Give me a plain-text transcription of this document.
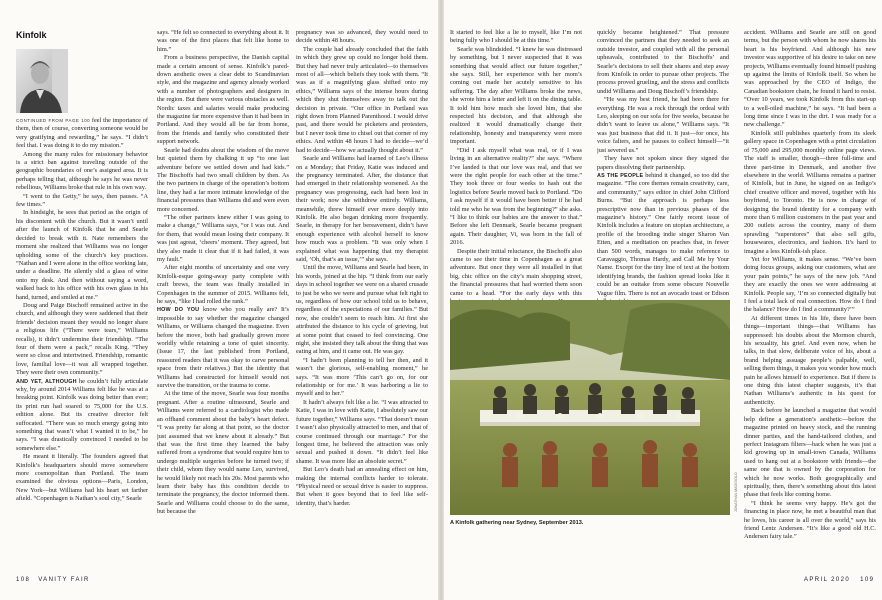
Kinfolk

CONTINUED FROM PAGE 100 feel the importance of them, then of course, converting someone would be very gratifying and rewarding,” he says. “I didn’t feel that. I was doing it to do my mission.”

Among the many rules for missionary behavior is a strict ban against traveling outside of the geographic boundaries of one’s assigned area. It is perhaps telling that, although he says he was never rebellious, Williams broke that rule in his own way.

“I went to the Getty,” he says, then pauses. “A few times.”

In hindsight, he sees that period as the origin of his discontent with the church. But it wasn’t until after the launch of Kinfolk that he and Searle decided to break with it. Nate remembers the moment she realized that Williams was no longer upholding some of the church’s key practices. “Nathan and I were alone in the office working late, under a deadline. He silently slid a glass of wine onto my desk. And then without saying a word, walked back to his office with his own glass in his hand, turned, and smiled at me.”

Doug and Paige Bischoff remained active in the church, and although they were saddened that their friends’ decision meant they would no longer share a religious life (“There were tears,” Williams recalls), it didn’t undermine their friendship. “The four of them were a pack,” recalls King. “They were so close and intertwined. Friendship, romantic love, familial love—it was all wrapped together. They were their own community.”

AND YET, ALTHOUGH he couldn’t fully articulate why, by around 2014 Williams felt like he was at a breaking point. Kinfolk was doing better than ever; its print run had soared to 75,000 for the U.S. edition alone. But its creative director felt suffocated. “There was so much energy going into something that wasn’t what I wanted it to be,” he says. “I was drastically convinced I needed to be somewhere else.”

He meant it literally. The founders agreed that Kinfolk’s headquarters should move somewhere more cosmopolitan than Portland. The team examined the obvious options—Paris, London, New York—but Williams had his heart set farther afield. “Copenhagen is Nathan’s soul city,” Searle

says. “He felt so connected to everything about it. It was one of the first places that felt like home to him.”

From a business perspective, the Danish capital made a certain amount of sense. Kinfolk’s pared-down aesthetic owes a clear debt to Scandinavian style, and the magazine and agency already worked with a number of photographers and designers in the region. But there were various obstacles as well. Nordic taxes and salaries would make producing the magazine far more expensive than it had been in Portland. And they would all be far from home, from the friends and family who constituted their support network.

Searle had doubts about the wisdom of the move but quieted them by chalking it up “to one last adventure before we settled down and had kids.” The Bischoffs had two small children by then. As the two partners in charge of the operation’s bottom line, they had a far more intimate knowledge of the financial pressures than Williams did and were even more concerned.

“The other partners knew either I was going to make a change,” Williams says, “or I was out. And for them, that would mean losing their company. It was just agreat, ‘cheers’ moment. They agreed, but they also made it clear that if it had failed, it was my fault.”

After eight months of uncertainty and one very Kinfolk-esque going-away party complete with craft brews, the team was finally installed in Copenhagen in the summer of 2015. Williams felt, he says, “like I had rolled the rank.”

HOW DO YOU know who you really are? It’s impossible to say whether the magazine changed Williams, or Williams changed the magazine. Even before the move, both had gradually grown more worldly while retaining a tone of quiet sincerity. (Issue 17, the last published from Portland, reassured readers that it was okay to carve personal space from their relatives.) But the identity that Williams had constructed for himself would not survive the transition, or the trauma to come.

At the time of the move, Searle was four months pregnant. After a routine ultrasound, Searle and Williams were referred to a cardiologist who made an offhand comment about the baby’s heart defect. “I was pretty far along at that point, so the doctor just assumed that we knew about it already.” But that was the first time they learned the baby suffered from a syndrome that would require him to undergo multiple surgeries before he turned two; if their child, whom they would name Leo, survived, he would likely not reach his 20s. Most parents who learn their baby has this condition decide to terminate the pregnancy, the doctor informed them. Searle and Williams could choose to do the same, but because the

pregnancy was so advanced, they would need to decide within 48 hours.

The couple had already concluded that the faith in which they grew up could no longer hold them. But they had never truly articulated—to themselves most of all—which beliefs they took with them. “It was as if a magnifying glass shifted onto my ethics,” Williams says of the intense hours during which they shut themselves away to talk out the decision in private. “Our office in Portland was right down from Planned Parenthood. I would drive past, and there would be picketers and protesters, but I never took time to chisel out that corner of my ethics. And within 48 hours I had to decide—we’d had to decide—how we actually thought about it.”

Searle and Williams had learned of Leo’s illness on a Monday; that Friday, Katie was induced and the pregnancy terminated. After, the distance that had emerged in their relationship worsened. As the pregnancy was progressing, each had been lost in their work; now she withdrew entirely. Williams, meanwhile, threw himself ever more deeply into Kinfolk. He also began drinking more frequently. Searle, in therapy for her bereavement, didn’t have enough experience with alcohol herself to know how much was a problem. “It was only when I explained what was happening that my therapist said, ‘Oh, that’s an issue,’” she says.

Until the move, Williams and Searle had been, in his words, joined at the hip. “I think from our early days in school together we were on a shared crusade to just be who we were and pursue what felt right to us, regardless of how our school told us to behave, regardless of the expectations of our families.” But now, she couldn’t seem to reach him. At first she attributed the distance to his cycle of grieving, but at some point that ceased to feel convincing. One night, she insisted they talk about the thing that was eating at him, and it came out. He was gay.

“I hadn’t been planning to tell her then, and it wasn’t the glorious, self-enabling moment,” he says. “It was more ‘This can’t go on, for our relationship or for me.’ It was harboring a lie to myself and to her.”

It hadn’t always felt like a lie. “I was attracted to Katie, I was in love with Katie, I absolutely saw our future together,” Williams says. “That doesn’t mean I wasn’t also physically attracted to men, and that of course continued through our marriage.” For the longest time, he believed the attraction was only sexual and pushed it down. “It didn’t feel like shame. It was more like an absolute secret.”

But Leo’s death had an annealing effect on him, making the internal conflicts harder to tolerate. “Physical need or sexual drive is easier to suppress. But when it goes beyond that to feel like self-identity, that’s harder.

108 VANITY FAIR

It started to feel like a lie to myself, like I’m not being fully who I should be at this time.”

Searle was blindsided. “I knew he was distressed by something, but I never suspected that it was something that would affect our future together,” she says. Still, her experience with her mom’s coming out made her acutely sensitive to his suffering. The day after Williams broke the news, she wrote him a letter and left it on the dining table. It told him how much she loved him, that she respected his decision, and that although she realized it would dramatically change their relationship, honesty and transparency were more important.

“Did I ask myself what was real, or if I was living in an alternative reality?” she says. “Where I’ve landed is that our love was real, and that we were the right people for each other at the time.” They took three or four weeks to hash out the logistics before Searle moved back to Portland. “Do I ask myself if it would have been better if he had told me who he was from the beginning?” she asks. “I like to think our babies are the answer to that.” Before she left Denmark, Searle became pregnant again. Their daughter, Vi, was born in the fall of 2016.

Despite their initial reluctance, the Bischoffs also came to see their time in Copenhagen as a great adventure. But once they were all installed in that big, chic office on the city’s main shopping street, the financial pressures that had worried them soon came to a head. “For the early days with this

quickly became heightened.” That pressure convinced the partners that they needed to seek an outside investor, and coupled with all the personal upheavals, contributed to the Bischoffs’ and Searle’s decisions to sell their shares and step away from Kinfolk in order to pursue other projects. The process proved grueling, and the stress and conflicts undid Williams and Doug Bischoff’s friendship.

“He was my best friend, he had been there for everything. He was a rock through the ordeal with Leo, sleeping on our sofa for five weeks, because he didn’t want to leave us alone,” Williams says. “It was just business that did it. It just—for once, his voice falters, and he pauses to collect himself—“it just severed us.”

They have not spoken since they signed the papers dissolving their partnership.

AS THE PEOPLE behind it changed, so too did the magazine. “The core themes remain creativity, care, and community,” says editor in chief John Clifford Burns. “But the approach is perhaps less prescriptive now than in previous phases of the magazine’s history.” One fairly recent issue of Kinfolk includes a feature on utopian architecture, a profile of the brooding indie singer Sharon Van Etten, and a meditation on peaches that, in fewer than 500 words, manages to make reference to Caravaggio, Thomas Hardy, and Call Me by Your Name. Except for the tiny line of text at the bottom identifying brands, the fashion spread looks like it could be an outtake from some obscure Nouvelle Vague film. There is not an avocado toast or Edison

accident. Williams and Searle are still on good terms, but the person with whom he now shares his heart is his boyfriend. And although his new investor was supportive of his desire to take on new projects, Williams eventually found himself pushing up against the limits of Kinfolk itself. So when he was approached by the CEO of Indigo, the Canadian bookstore chain, he found it hard to resist. “Over 10 years, we took Kinfolk from this start-up to a well-oiled machine,” he says. “It had been a long time since I was in the dirt. I was ready for a new challenge.”

Kinfolk still publishes quarterly from its sleek gallery space in Copenhagen with a print circulation of 75,000 and 295,000 monthly online page views. The staff is smaller, though—three full-time and three part-time in Denmark, and another five elsewhere in the world. Williams remains a partner of Kinfolk, but in June, he signed on as Indigo’s chief creative officer and moved, together with his boyfriend, to Toronto. He is now in charge of designing the brand identity for a company with more than 6 million customers in the past year and 200 outlets across the country, many of them sprawling “superstores” that also sell gifts, housewares, electronics, and fashion. It’s hard to imagine a less Kinfolk-ish place.

Yet for Williams, it makes sense. “We’ve been doing focus groups, asking our customers, what are your pain points,” he says of the new job. “And they are exactly the ones we were addressing at Kinfolk. People say, ‘I’m so connected digitally but I feel a total lack of real connection. How do I find the balance? How do I find a community?’”

At different times in his life, there have been things—important things—that Williams has suppressed: his doubts about the Mormon church, his sexuality, his grief. And even now, when he talks, in that slow, deliberate voice of his, about a brand helping assuage people’s palpable, well, selling them things, it makes you wonder how much pain he allows himself to experience. But if there is one thing this latest chapter suggests, it’s that Nathan Williams’s authentic in his quest for authenticity.

Back before he launched a magazine that would help define a generation’s aesthetic—before the magazine printed on heavy stock, and the running dinner parties, and the hand-tailored clothes, and perfect Instagram filters—back when he was just a kid growing up in small-town Canada, Williams used to hang out at a bookstore with friends—the same one that is owned by the corporation for which he now works. Both geographically and spiritually, then, there’s something about this latest phase that feels like coming home.

“I think he seems very happy. He’s got the financing in place now, he met a beautiful man that he loves, his career is all over the world,” says his friend Lentz Andersen. “It’s like a good old H.C. Andersen fairy tale.”

JONATHAN MAGGIOLO
A Kinfolk gathering near Sydney, September 2013.
APRIL 2020 109
